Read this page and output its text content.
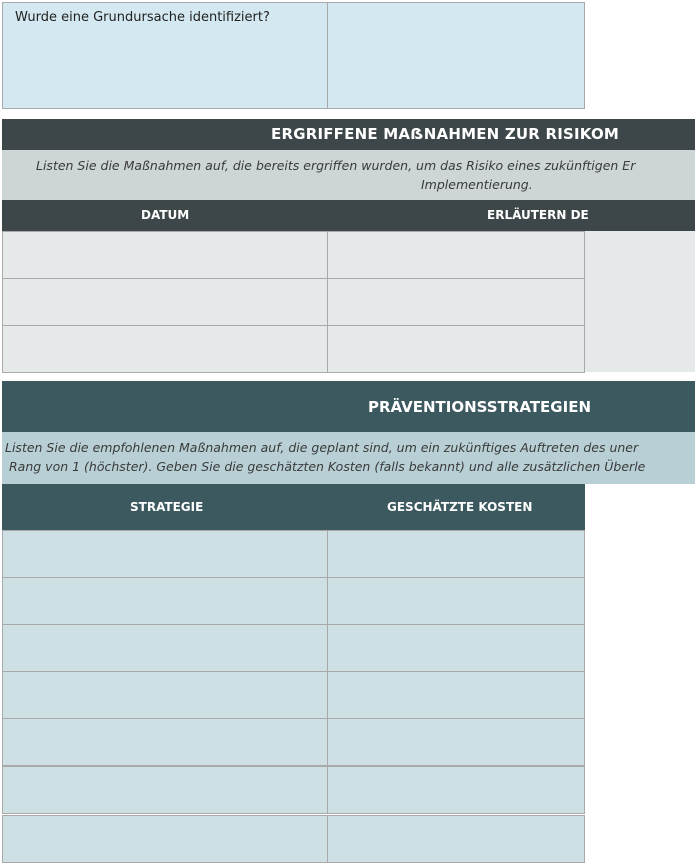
Wurde eine Grundursache identifiziert?
ERGRIFFENE MAẞNAHMEN ZUR RISIKOM
Listen Sie die Maßnahmen auf, die bereits ergriffen wurden, um das Risiko eines zukünftigen Er
Implementierung.
DATUM	ERLÄUTERN DE
PRÄVENTIONSSTRATEGIEN
Listen Sie die empfohlenen Maßnahmen auf, die geplant sind, um ein zukünftiges Auftreten des uner
Rang von 1 (höchster). Geben Sie die geschätzten Kosten (falls bekannt) und alle zusätzlichen Überle
STRATEGIE	GESCHÄTZTE KOSTEN
